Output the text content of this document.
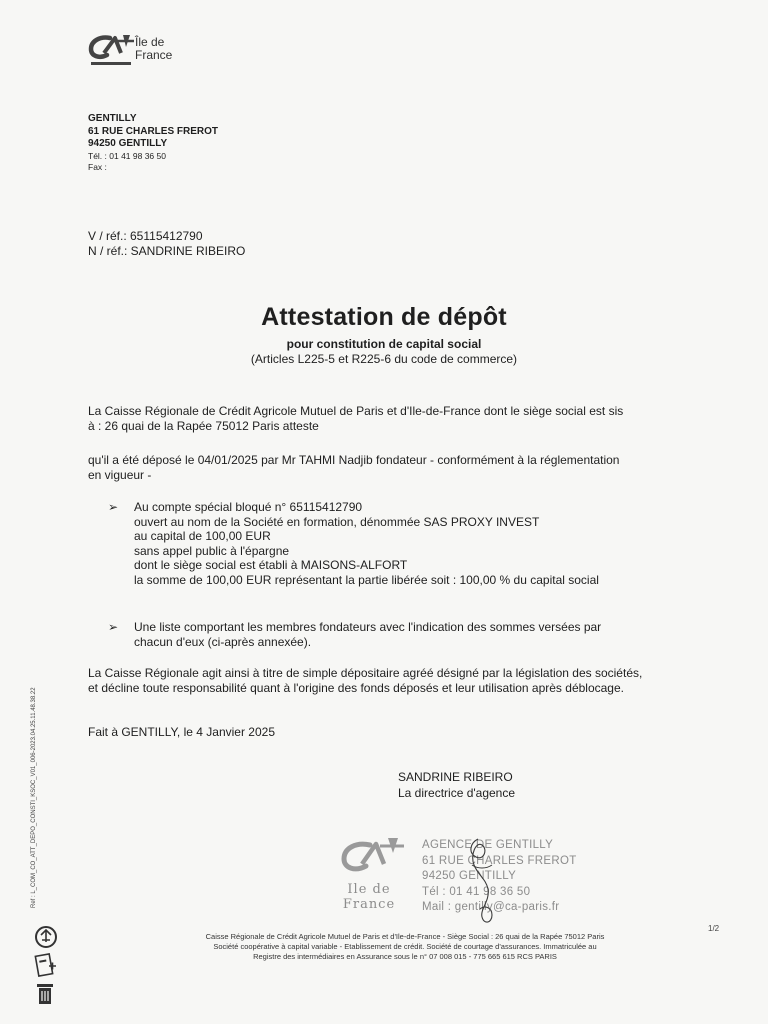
Île de
France
GENTILLY
61 RUE CHARLES FREROT
94250 GENTILLY
Tél. : 01 41 98 36 50
Fax :
V / réf.: 65115412790
N / réf.: SANDRINE RIBEIRO
Attestation de dépôt
pour constitution de capital social
(Articles L225-5 et R225-6 du code de commerce)
La Caisse Régionale de Crédit Agricole Mutuel de Paris et d'Ile-de-France dont le siège social est sis
à : 26 quai de la Rapée 75012 Paris atteste
qu'il a été déposé le 04/01/2025 par Mr TAHMI Nadjib fondateur - conformément à la réglementation
en vigueur -
➢	Au compte spécial bloqué n° 65115412790
ouvert au nom de la Société en formation, dénommée SAS PROXY INVEST
au capital de 100,00 EUR
sans appel public à l'épargne
dont le siège social est établi à MAISONS-ALFORT
la somme de 100,00 EUR représentant la partie libérée soit : 100,00 % du capital social
➢	Une liste comportant les membres fondateurs avec l'indication des sommes versées par
chacun d'eux (ci-après annexée).
La Caisse Régionale agit ainsi à titre de simple dépositaire agréé désigné par la législation des sociétés,
et décline toute responsabilité quant à l'origine des fonds déposés et leur utilisation après déblocage.
Fait à GENTILLY, le 4 Janvier 2025
SANDRINE RIBEIRO
La directrice d'agence
Ile de
France
AGENCE DE GENTILLY
61 RUE CHARLES FREROT
94250 GENTILLY
Tél : 01 41 98 36 50
Mail : gentilly@ca-paris.fr
Caisse Régionale de Crédit Agricole Mutuel de Paris et d'Ile-de-France - Siège Social : 26 quai de la Rapée 75012 Paris
Société coopérative à capital variable - Etablissement de crédit. Société de courtage d'assurances. Immatriculée au
Registre des intermédiaires en Assurance sous le n° 07 008 015 - 775 665 615 RCS PARIS
1/2
Ref : L_COM_CO_ATT_DEPO_CONSTI_KSOC_V01_006-2023.04.25.11.48.38.22
